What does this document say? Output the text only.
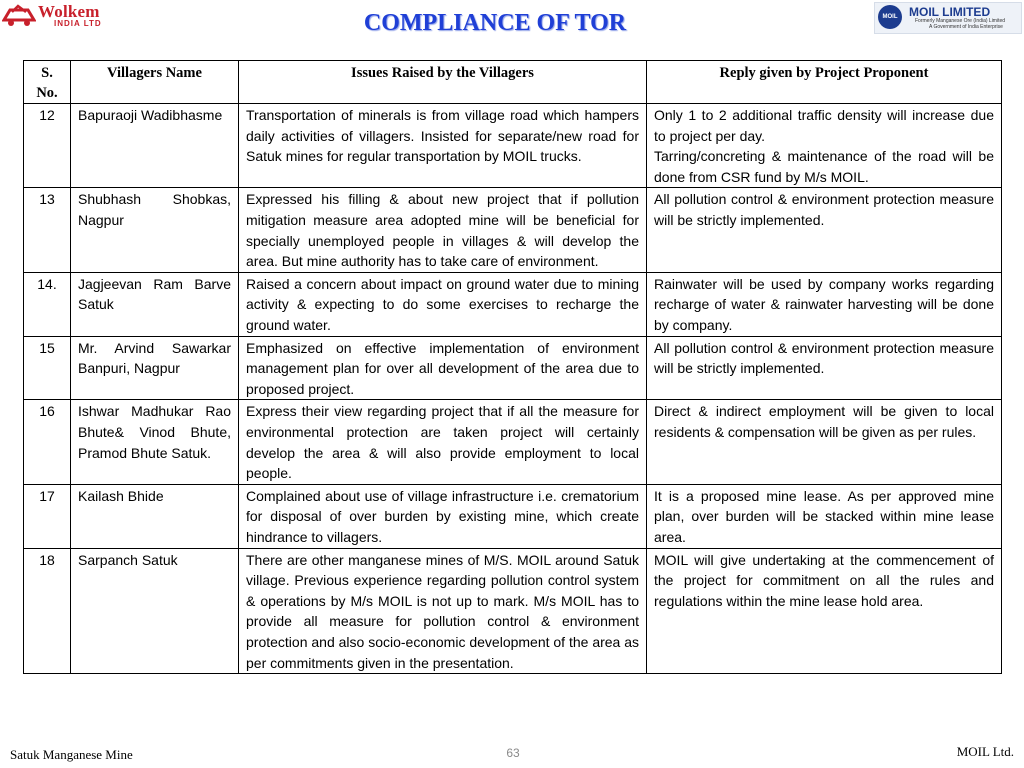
Wolkem
INDIA LTD	COMPLIANCE OF TOR	MOIL MOIL LIMITED
Formerly Manganese Ore (India) Limited
A Government of India Enterprise
S. No.	Villagers Name	Issues Raised by the Villagers	Reply given by Project Proponent
12	Bapuraoji Wadibhasme	Transportation of minerals is from village road which hampers daily activities of villagers. Insisted for separate/new road for Satuk mines for regular transportation by MOIL trucks.	Only 1 to 2 additional traffic density will increase due to project per day.
Tarring/concreting & maintenance of the road will be done from CSR fund by M/s MOIL.

13	Shubhash Shobkas, Nagpur	Expressed his filling & about new project that if pollution mitigation measure area adopted mine will be beneficial for specially unemployed people in villages & will develop the area. But mine authority has to take care of environment.	All pollution control & environment protection measure will be strictly implemented.
14.	Jagjeevan Ram Barve Satuk	Raised a concern about impact on ground water due to mining activity & expecting to do some exercises to recharge the ground water.	Rainwater will be used by company works regarding recharge of water & rainwater harvesting will be done by company.
15	Mr. Arvind Sawarkar Banpuri, Nagpur	Emphasized on effective implementation of environment management plan for over all development of the area due to proposed project.	All pollution control & environment protection measure will be strictly implemented.
16	Ishwar Madhukar Rao Bhute& Vinod Bhute, Pramod Bhute Satuk.	Express their view regarding project that if all the measure for environmental protection are taken project will certainly develop the area & will also provide employment to local people.	Direct & indirect employment will be given to local residents & compensation will be given as per rules.
17	Kailash Bhide	Complained about use of village infrastructure i.e. crematorium for disposal of over burden by existing mine, which create hindrance to villagers.	It is a proposed mine lease. As per approved mine plan, over burden will be stacked within mine lease area.
18	Sarpanch Satuk	There are other manganese mines of M/S. MOIL around Satuk village. Previous experience regarding pollution control system & operations by M/s MOIL is not up to mark. M/s MOIL has to provide all measure for pollution control & environment protection and also socio-economic development of the area as per commitments given in the presentation.	MOIL will give undertaking at the commencement of the project for commitment on all the rules and regulations within the mine lease hold area.
Satuk Manganese Mine	63	MOIL Ltd.
